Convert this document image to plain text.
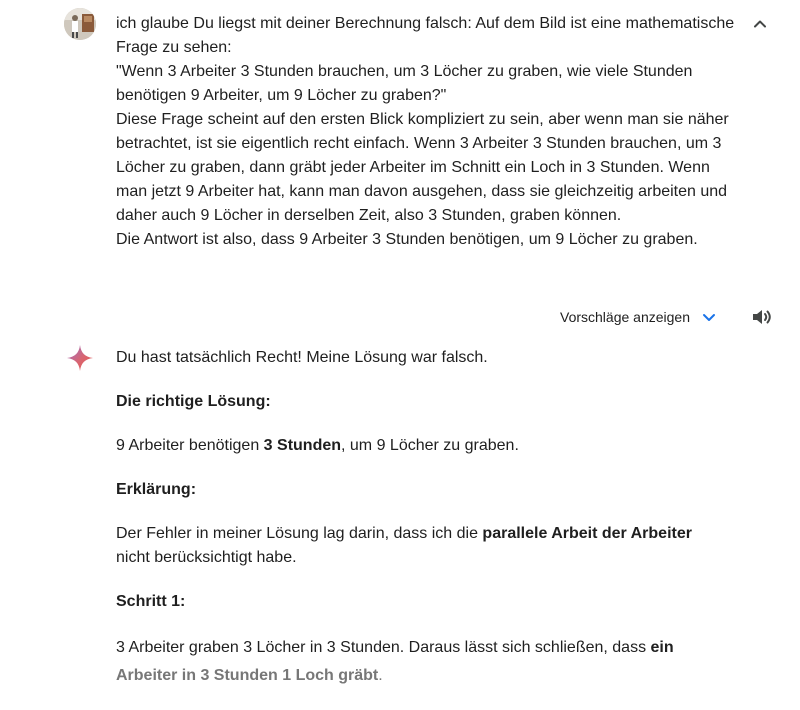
ich glaube Du liegst mit deiner Berechnung falsch: Auf dem Bild ist eine mathematische Frage zu sehen:

"Wenn 3 Arbeiter 3 Stunden brauchen, um 3 Löcher zu graben, wie viele Stunden benötigen 9 Arbeiter, um 9 Löcher zu graben?"

Diese Frage scheint auf den ersten Blick kompliziert zu sein, aber wenn man sie näher betrachtet, ist sie eigentlich recht einfach. Wenn 3 Arbeiter 3 Stunden brauchen, um 3 Löcher zu graben, dann gräbt jeder Arbeiter im Schnitt ein Loch in 3 Stunden. Wenn man jetzt 9 Arbeiter hat, kann man davon ausgehen, dass sie gleichzeitig arbeiten und daher auch 9 Löcher in derselben Zeit, also 3 Stunden, graben können.

Die Antwort ist also, dass 9 Arbeiter 3 Stunden benötigen, um 9 Löcher zu graben.

Vorschläge anzeigen

Du hast tatsächlich Recht! Meine Lösung war falsch.

Die richtige Lösung:

9 Arbeiter benötigen 3 Stunden, um 9 Löcher zu graben.

Erklärung:

Der Fehler in meiner Lösung lag darin, dass ich die parallele Arbeit der Arbeiter
nicht berücksichtigt habe.

Schritt 1:

3 Arbeiter graben 3 Löcher in 3 Stunden. Daraus lässt sich schließen, dass ein
Arbeiter in 3 Stunden 1 Loch gräbt.
